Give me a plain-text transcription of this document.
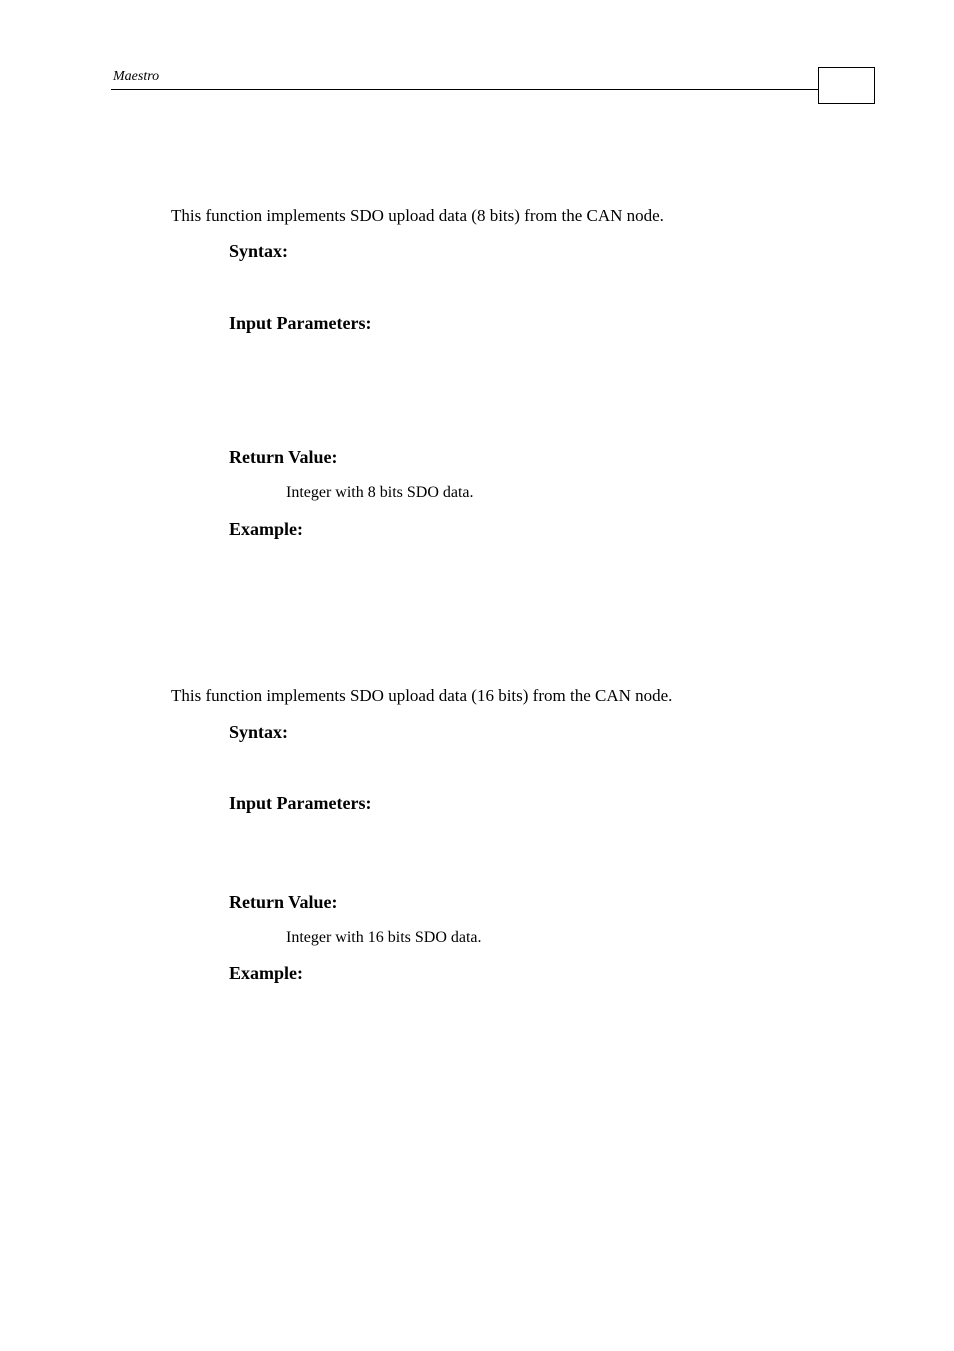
Maestro
This function implements SDO upload data (8 bits) from the CAN node.
Syntax:
Input Parameters:
Return Value:
Integer with 8 bits SDO data.
Example:
This function implements SDO upload data (16 bits) from the CAN node.
Syntax:
Input Parameters:
Return Value:
Integer with 16 bits SDO data.
Example:
